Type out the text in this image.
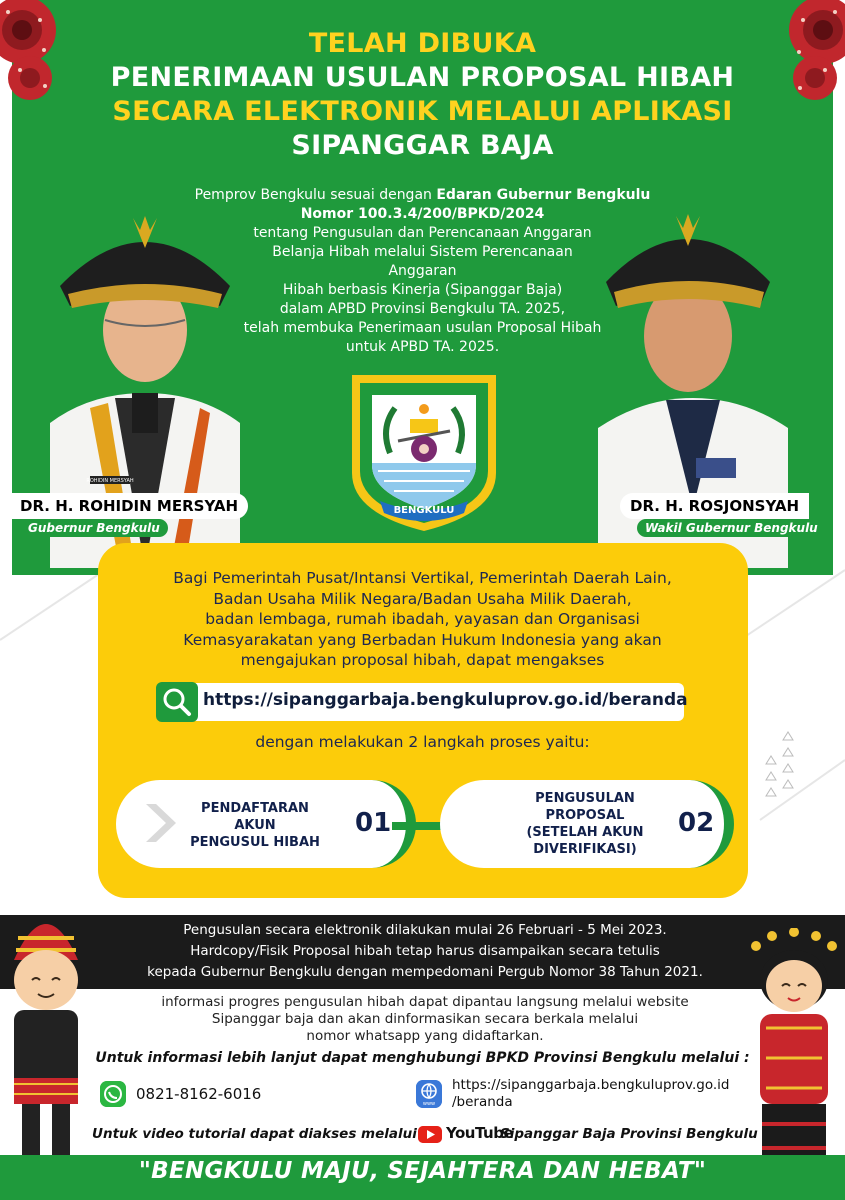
TELAH DIBUKA
PENERIMAAN USULAN PROPOSAL HIBAH
SECARA ELEKTRONIK MELALUI APLIKASI
SIPANGGAR BAJA
Pemprov Bengkulu sesuai dengan Edaran Gubernur Bengkulu
Nomor 100.3.4/200/BPKD/2024
tentang Pengusulan dan Perencanaan Anggaran
Belanja Hibah melalui Sistem Perencanaan
Anggaran
Hibah berbasis Kinerja (Sipanggar Baja)
dalam APBD Provinsi Bengkulu TA. 2025,
telah membuka Penerimaan usulan Proposal Hibah
untuk APBD TA. 2025.
ROHIDIN MERSYAH
DR. H. ROHIDIN MERSYAH
Gubernur Bengkulu
DR. H. ROSJONSYAH
Wakil Gubernur Bengkulu
BENGKULU
Bagi Pemerintah Pusat/Intansi Vertikal, Pemerintah Daerah Lain,
Badan Usaha Milik Negara/Badan Usaha Milik Daerah,
badan lembaga, rumah ibadah, yayasan dan Organisasi
Kemasyarakatan yang Berbadan Hukum Indonesia yang akan
mengajukan proposal hibah, dapat mengakses
https://sipanggarbaja.bengkuluprov.go.id/beranda
dengan melakukan 2 langkah proses yaitu:
PENDAFTARAN
AKUN
PENGUSUL HIBAH
01
PENGUSULAN
PROPOSAL
(SETELAH AKUN
DIVERIFIKASI)
02
Pengusulan secara elektronik dilakukan mulai 26 Februari - 5 Mei 2023.
Hardcopy/Fisik Proposal hibah tetap harus disampaikan secara tetulis
kepada Gubernur Bengkulu dengan mempedomani Pergub Nomor 38 Tahun 2021.
informasi progres pengusulan hibah dapat dipantau langsung melalui website
Sipanggar baja dan akan dinformasikan secara berkala melalui
nomor whatsapp yang didaftarkan.
Untuk informasi lebih lanjut dapat menghubungi BPKD Provinsi Bengkulu melalui :
0821-8162-6016
www
https://sipanggarbaja.bengkuluprov.go.id
/beranda
Untuk video tutorial dapat diakses melalui YouTube
Sipanggar Baja Provinsi Bengkulu
"BENGKULU MAJU, SEJAHTERA DAN HEBAT"
